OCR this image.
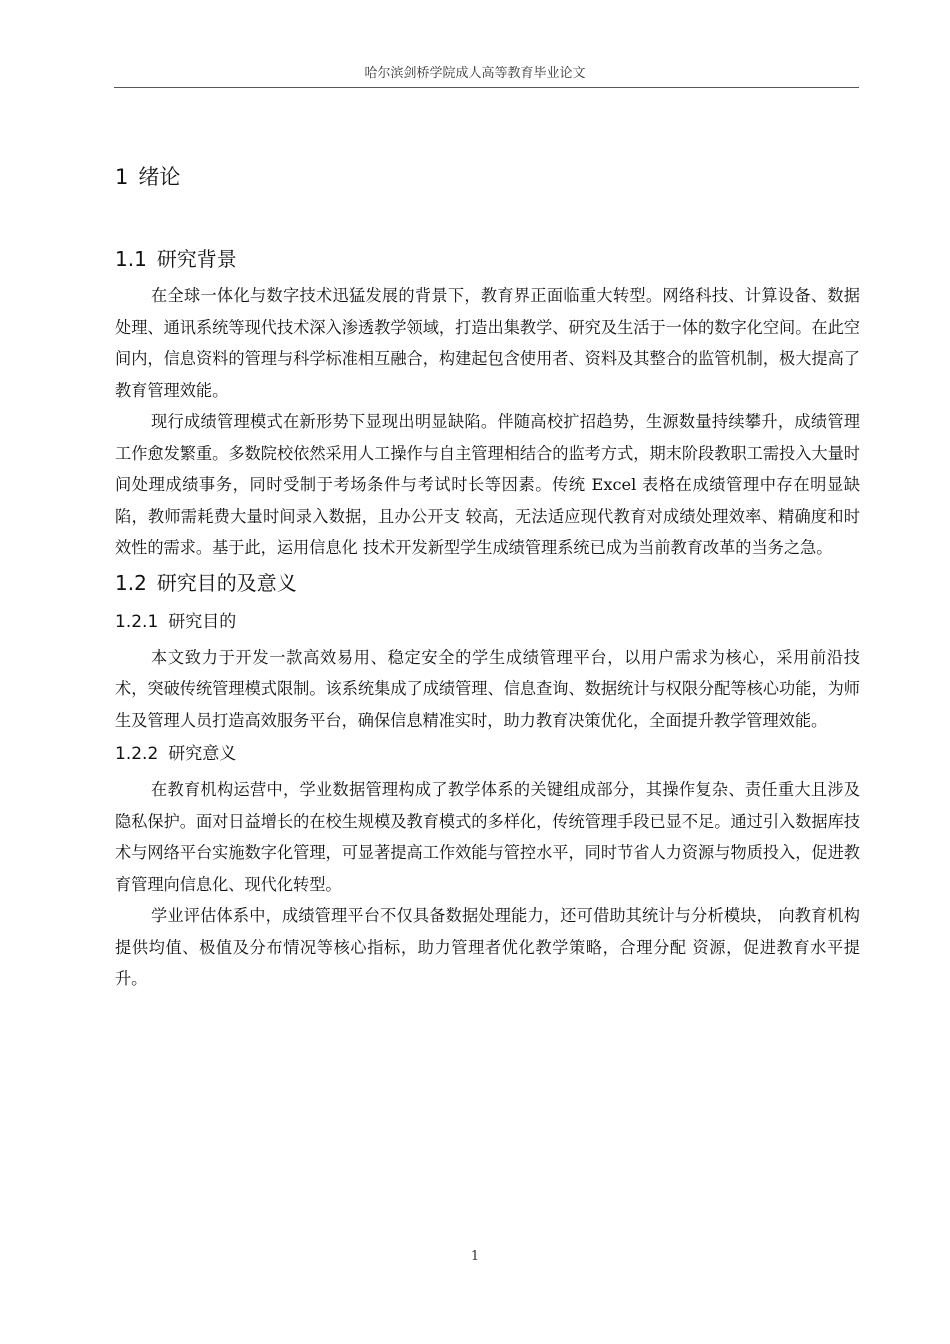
哈尔滨剑桥学院成人高等教育毕业论文
1 绪论
1.1 研究背景

在全球一体化与数字技术迅猛发展的背景下，教育界正面临重大转型。网络科技、计算设备、数据处理、通讯系统等现代技术深入渗透教学领域，打造出集教学、研究及生活于一体的数字化空间。在此空间内，信息资料的管理与科学标准相互融合，构建起包含使用者、资料及其整合的监管机制，极大提高了教育管理效能。

现行成绩管理模式在新形势下显现出明显缺陷。伴随高校扩招趋势，生源数量持续攀升，成绩管理工作愈发繁重。多数院校依然采用人工操作与自主管理相结合的监考方式，期末阶段教职工需投入大量时间处理成绩事务，同时受制于考场条件与考试时长等因素。传统 Excel 表格在成绩管理中存在明显缺陷，教师需耗费大量时间录入数据，且办公开支 较高，无法适应现代教育对成绩处理效率、精确度和时效性的需求。基于此，运用信息化 技术开发新型学生成绩管理系统已成为当前教育改革的当务之急。

1.2 研究目的及意义
1.2.1 研究目的

本文致力于开发一款高效易用、稳定安全的学生成绩管理平台，以用户需求为核心，采用前沿技术，突破传统管理模式限制。该系统集成了成绩管理、信息查询、数据统计与权限分配等核心功能，为师生及管理人员打造高效服务平台，确保信息精准实时，助力教育决策优化，全面提升教学管理效能。

1.2.2 研究意义

在教育机构运营中，学业数据管理构成了教学体系的关键组成部分，其操作复杂、责任重大且涉及隐私保护。面对日益增长的在校生规模及教育模式的多样化，传统管理手段已显不足。通过引入数据库技术与网络平台实施数字化管理，可显著提高工作效能与管控水平，同时节省人力资源与物质投入，促进教育管理向信息化、现代化转型。

学业评估体系中，成绩管理平台不仅具备数据处理能力，还可借助其统计与分析模块， 向教育机构提供均值、极值及分布情况等核心指标，助力管理者优化教学策略，合理分配 资源，促进教育水平提升。

1
